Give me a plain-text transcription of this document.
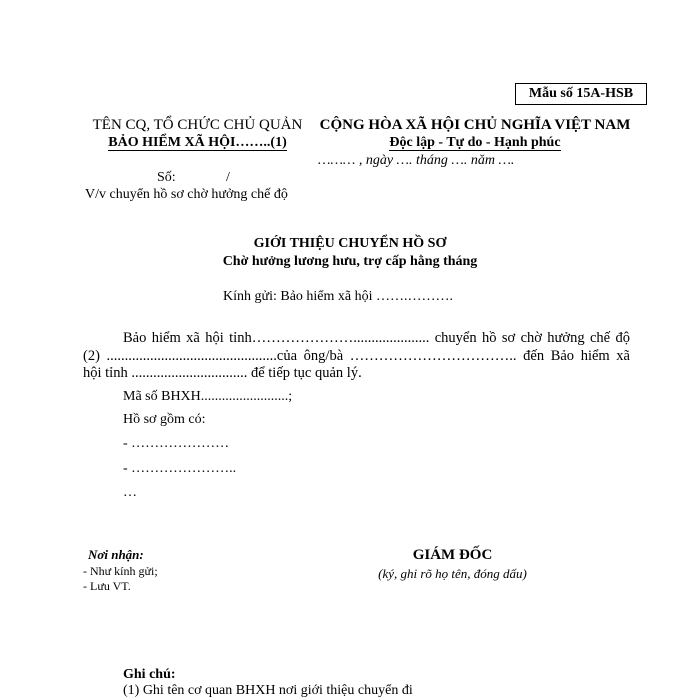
Mẫu số 15A-HSB
TÊN CQ, TỔ CHỨC CHỦ QUẢN
BẢO HIỂM XÃ HỘI……..(1)
Số:	/
V/v chuyển hồ sơ chờ hưởng chế độ
CỘNG HÒA XÃ HỘI CHỦ NGHĨA VIỆT NAM
Độc lập - Tự do - Hạnh phúc
……… , ngày …. tháng …. năm ….
GIỚI THIỆU CHUYỂN HỒ SƠ
Chờ hưởng lương hưu, trợ cấp hằng tháng
Kính gửi: Bảo hiểm xã hội …….……….
Bảo hiểm xã hội tỉnh…………………..................... chuyển hồ sơ chờ hưởng chế độ
(2) ...............................................của ông/bà …………………………….. đến Bảo hiểm xã
hội tỉnh ................................ để tiếp tục quản lý.
Mã số BHXH.........................;
Hồ sơ gồm có:
- …………………
- …………………..
…
Nơi nhận:
- Như kính gửi;
- Lưu VT.
GIÁM ĐỐC
(ký, ghi rõ họ tên, đóng dấu)
Ghi chú:
(1) Ghi tên cơ quan BHXH nơi giới thiệu chuyển đi
